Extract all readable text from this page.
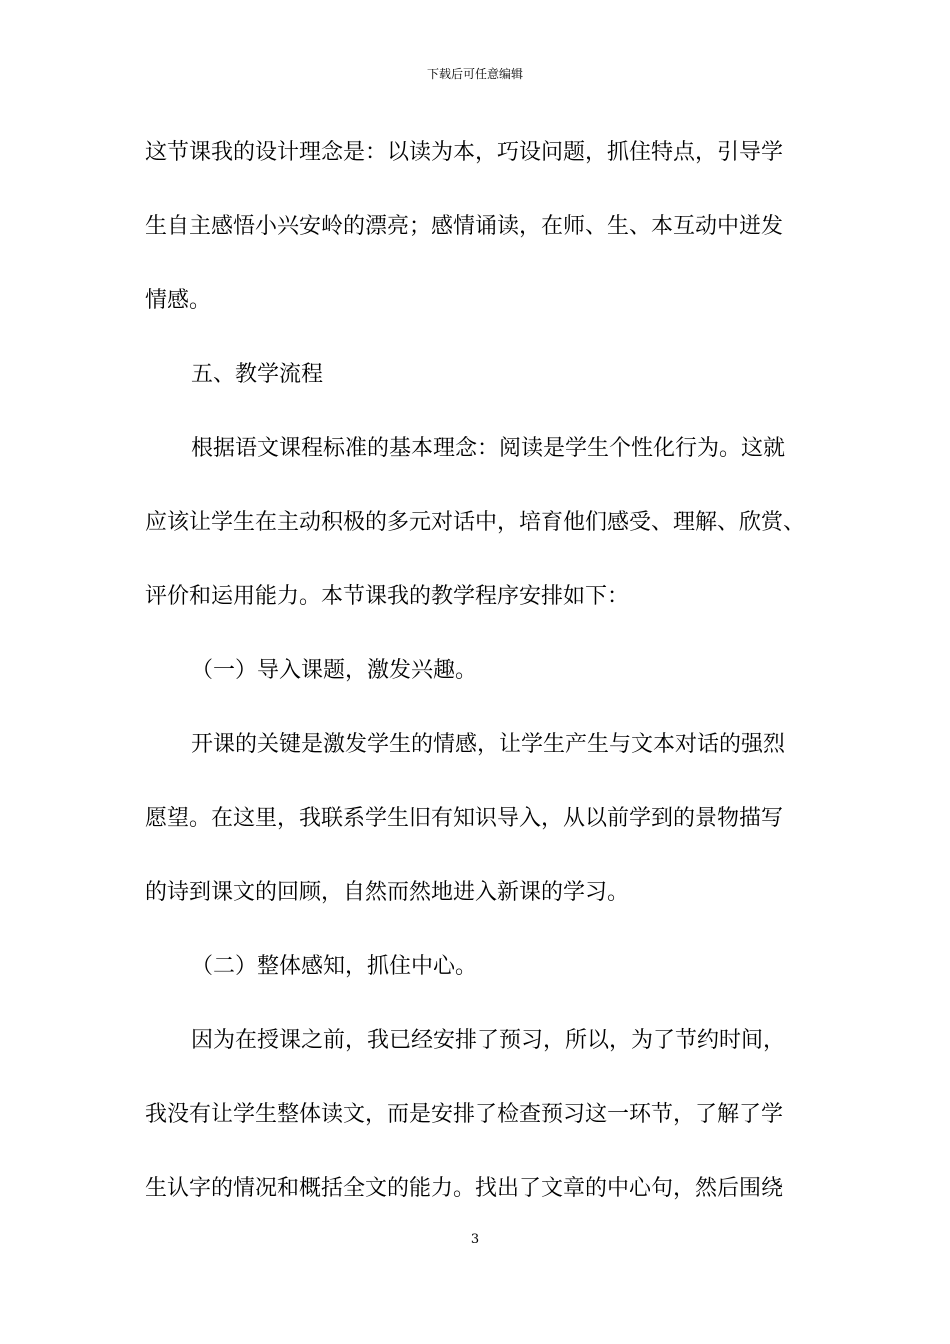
下载后可任意编辑
这节课我的设计理念是：以读为本，巧设问题，抓住特点，引导学
生自主感悟小兴安岭的漂亮；感情诵读，在师、生、本互动中迸发
情感。
五、教学流程
根据语文课程标准的基本理念：阅读是学生个性化行为。这就
应该让学生在主动积极的多元对话中，培育他们感受、理解、欣赏、
评价和运用能力。本节课我的教学程序安排如下：
（一）导入课题，激发兴趣。
开课的关键是激发学生的情感，让学生产生与文本对话的强烈
愿望。在这里，我联系学生旧有知识导入，从以前学到的景物描写
的诗到课文的回顾，自然而然地进入新课的学习。
（二）整体感知，抓住中心。
因为在授课之前，我已经安排了预习，所以，为了节约时间，
我没有让学生整体读文，而是安排了检查预习这一环节，了解了学
生认字的情况和概括全文的能力。找出了文章的中心句，然后围绕
3
